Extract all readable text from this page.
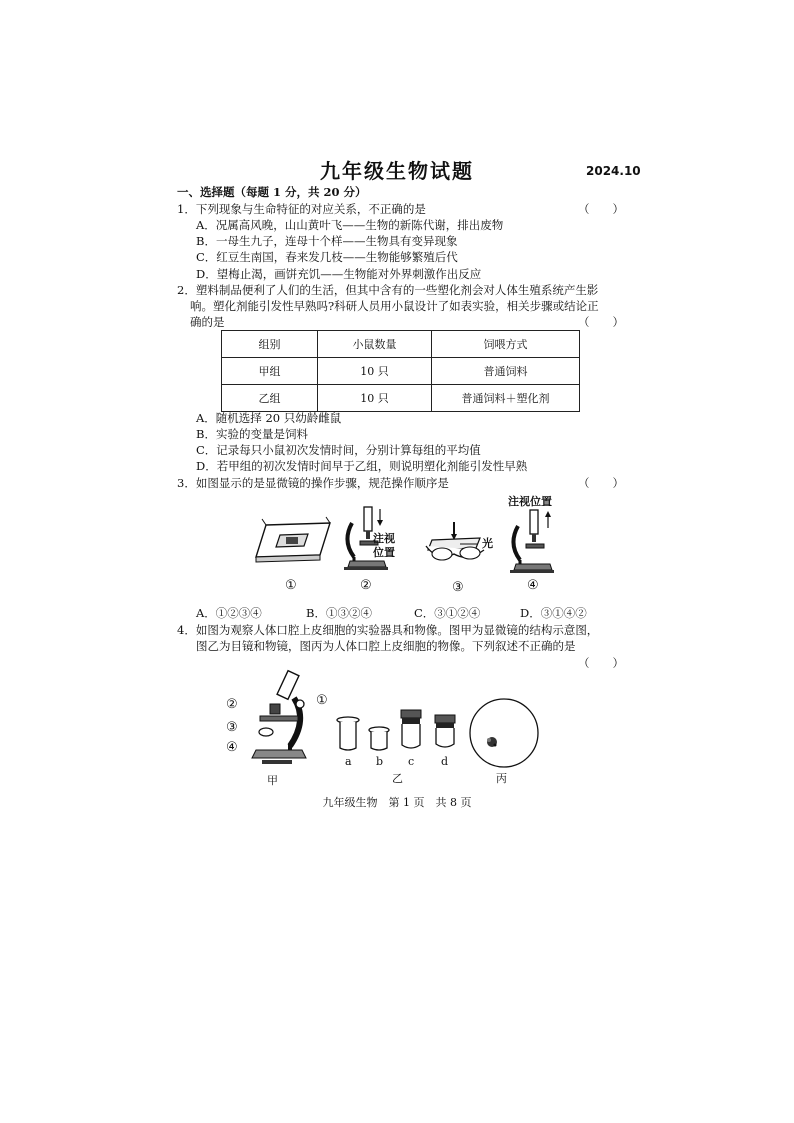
九年级生物试题	2024.10
一、选择题（每题 1 分，共 20 分）
1．下列现象与生命特征的对应关系，不正确的是	（　　）
A．况属高风晚，山山黄叶飞——生物的新陈代谢，排出废物
B．一母生九子，连母十个样——生物具有变异现象
C．红豆生南国，春来发几枝——生物能够繁殖后代
D．望梅止渴，画饼充饥——生物能对外界刺激作出反应
2．塑料制品便利了人们的生活，但其中含有的一些塑化剂会对人体生殖系统产生影
响。塑化剂能引发性早熟吗?科研人员用小鼠设计了如表实验，相关步骤或结论正
确的是	（　　）
组别	小鼠数量	饲喂方式
甲组	10 只	普通饲料
乙组	10 只	普通饲料＋塑化剂
A．随机选择 20 只幼龄雌鼠
B．实验的变量是饲料
C．记录每只小鼠初次发情时间，分别计算每组的平均值
D．若甲组的初次发情时间早于乙组，则说明塑化剂能引发性早熟
3．如图显示的是显微镜的操作步骤，规范操作顺序是	（　　）
注视
位置
光
注视位置
①	②	③	④
A．①②③④	B．①③②④	C．③①②④	D．③①④②
4．如图为观察人体口腔上皮细胞的实验器具和物像。图甲为显微镜的结构示意图，
图乙为目镜和物镜，图丙为人体口腔上皮细胞的物像。下列叙述不正确的是
（　　）
①
②
③
④
甲
a b c d
乙	丙
九年级生物　第 1 页　共 8 页
